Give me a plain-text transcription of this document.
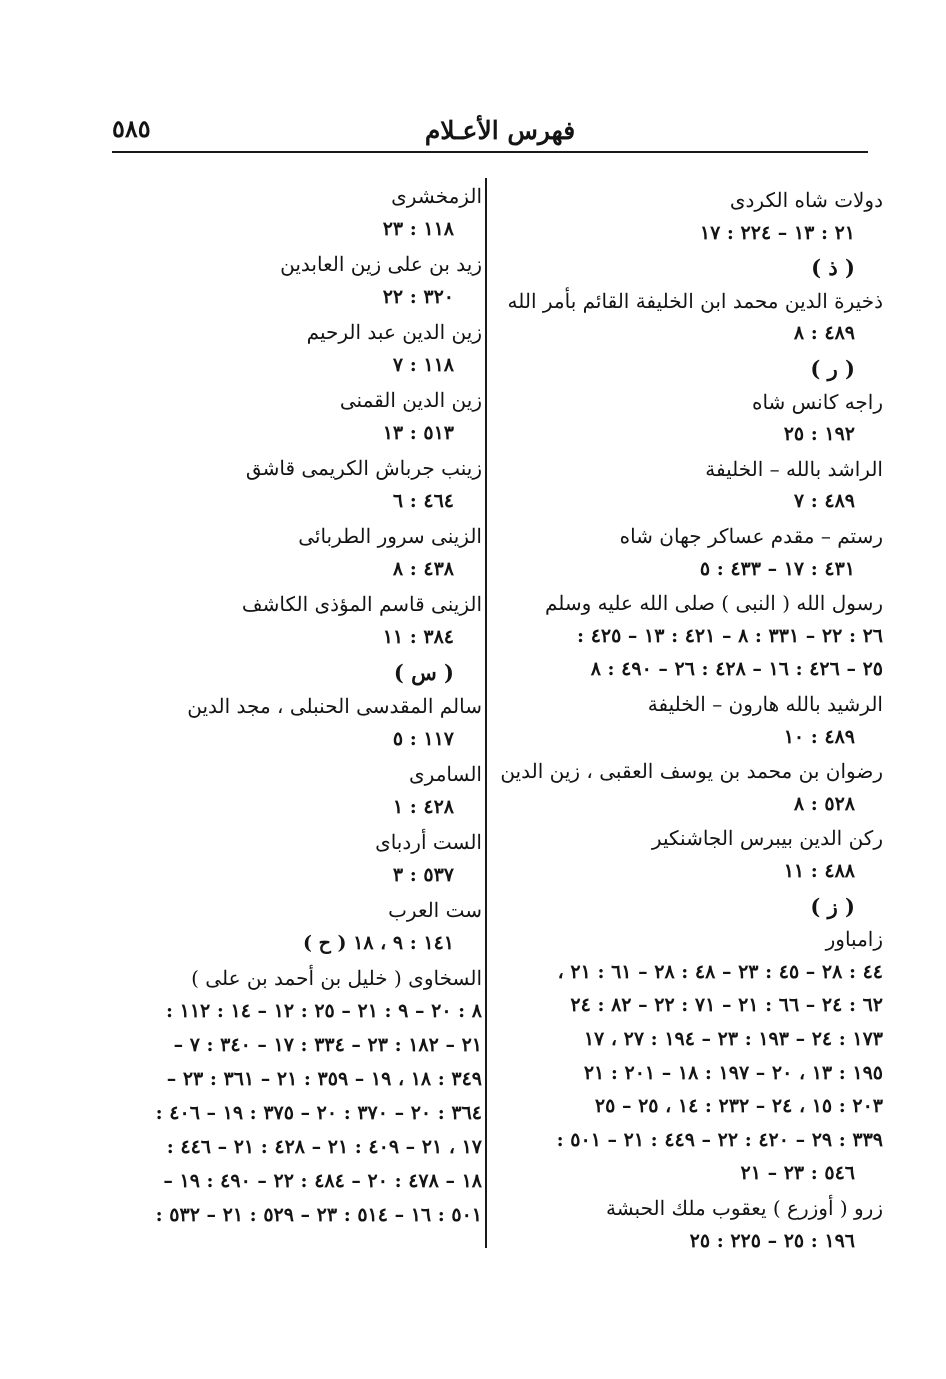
فهرس الأعـلام
٥٨٥
دولات شاه الكردى
٢١ : ١٣ – ٢٢٤ : ١٧
( ذ )
ذخيرة الدين محمد ابن الخليفة القائم بأمر الله
٤٨٩ : ٨
( ر )
راجه كانس شاه
١٩٢ : ٢٥
الراشد بالله – الخليفة
٤٨٩ : ٧
رستم – مقدم عساكر جهان شاه
٤٣١ : ١٧ – ٤٣٣ : ٥
رسول الله ( النبى ) صلى الله عليه وسلم
٢٦ : ٢٢ – ٣٣١ : ٨ – ٤٢١ : ١٣ – ٤٢٥ :
٢٥ – ٤٢٦ : ١٦ – ٤٢٨ : ٢٦ – ٤٩٠ : ٨
الرشيد بالله هارون – الخليفة
٤٨٩ : ١٠
رضوان بن محمد بن يوسف العقبى ، زين الدين
٥٢٨ : ٨
ركن الدين بيبرس الجاشنكير
٤٨٨ : ١١
( ز )
زامباور
٤٤ : ٢٨ – ٤٥ : ٢٣ – ٤٨ : ٢٨ – ٦١ : ٢١ ،
٦٢ : ٢٤ – ٦٦ : ٢١ – ٧١ : ٢٢ – ٨٢ : ٢٤
١٧٣ : ٢٤ – ١٩٣ : ٢٣ – ١٩٤ : ٢٧ ، ١٧
١٩٥ : ١٣ ، ٢٠ – ١٩٧ : ١٨ – ٢٠١ : ٢١
٢٠٣ : ١٥ ، ٢٤ – ٢٣٢ : ١٤ ، ٢٥ – ٢٥
٣٣٩ : ٢٩ – ٤٢٠ : ٢٢ – ٤٤٩ : ٢١ – ٥٠١ :
٥٤٦ : ٢٣ – ٢١
زرو ( أوزرع ) يعقوب ملك الحبشة
١٩٦ : ٢٥ – ٢٢٥ : ٢٥
الزمخشرى
١١٨ : ٢٣
زيد بن على زين العابدين
٣٢٠ : ٢٢
زين الدين عبد الرحيم
١١٨ : ٧
زين الدين القمنى
٥١٣ : ١٣
زينب جرباش الكريمى قاشق
٤٦٤ : ٦
الزينى سرور الطربائى
٤٣٨ : ٨
الزينى قاسم المؤذى الكاشف
٣٨٤ : ١١
( س )
سالم المقدسى الحنبلى ، مجد الدين
١١٧ : ٥
السامرى
٤٢٨ : ١
الست أردباى
٥٣٧ : ٣
ست العرب
١٤١ : ٩ ، ١٨ ( ح )
السخاوى ( خليل بن أحمد بن على )
٨ : ٢٠ – ٩ : ٢١ – ٢٥ : ١٢ – ١٤ : ١١٢ :
٢١ – ١٨٢ : ٢٣ – ٣٣٤ : ١٧ – ٣٤٠ : ٧ –
٣٤٩ : ١٨ ، ١٩ – ٣٥٩ : ٢١ – ٣٦١ : ٢٣ –
٣٦٤ : ٢٠ – ٣٧٠ : ٢٠ – ٣٧٥ : ١٩ – ٤٠٦ :
١٧ ، ٢١ – ٤٠٩ : ٢١ – ٤٢٨ : ٢١ – ٤٤٦ :
١٨ – ٤٧٨ : ٢٠ – ٤٨٤ : ٢٢ – ٤٩٠ : ١٩ –
٥٠١ : ١٦ – ٥١٤ : ٢٣ – ٥٢٩ : ٢١ – ٥٣٢ :
